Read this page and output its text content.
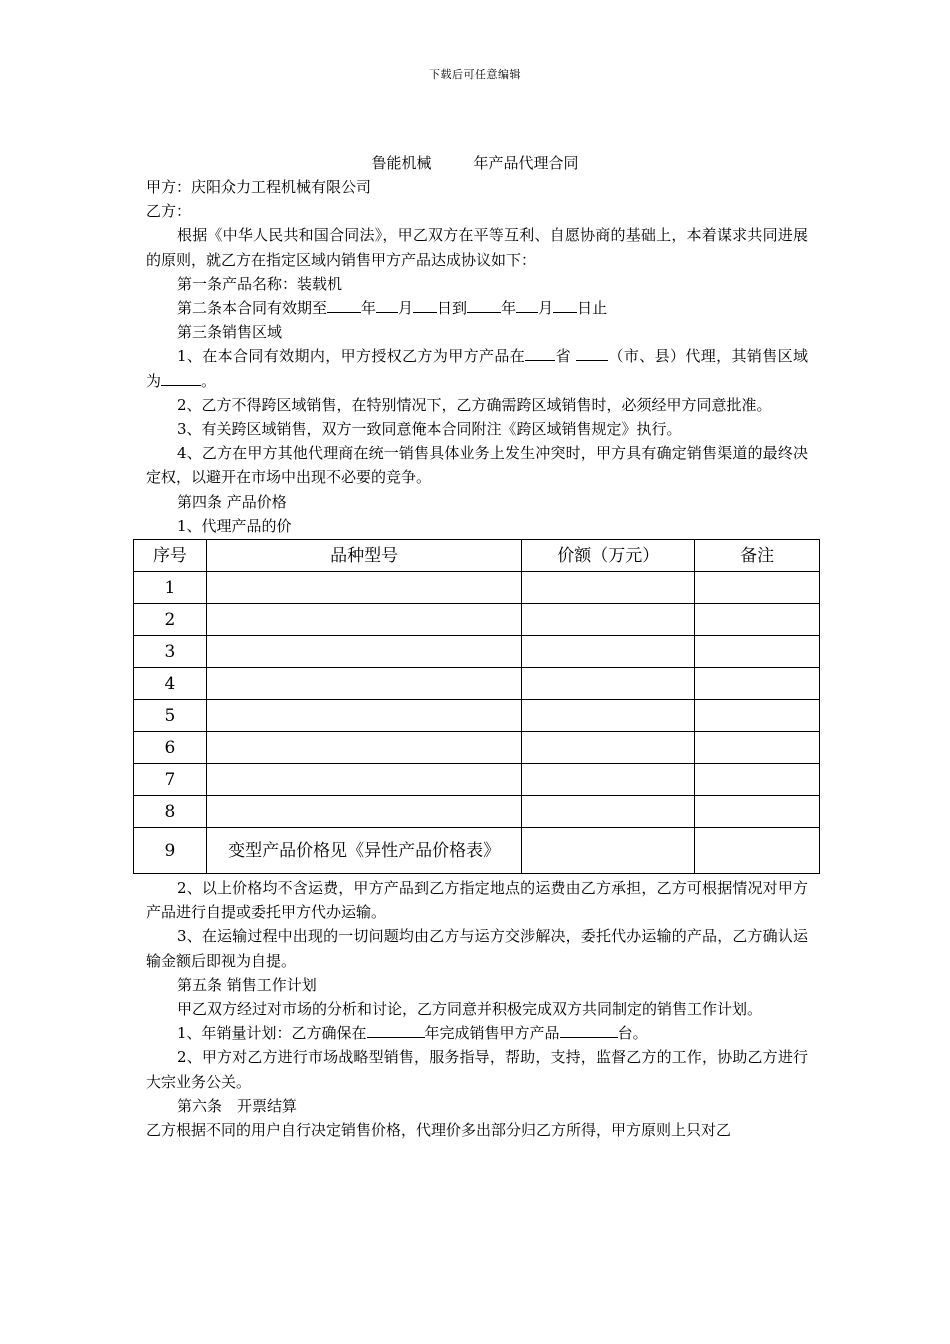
下载后可任意编辑
鲁能机械	年产品代理合同

甲方：庆阳众力工程机械有限公司

乙方：

根据《中华人民共和国合同法》，甲乙双方在平等互利、自愿协商的基础上，本着谋求共同进展的原则，就乙方在指定区域内销售甲方产品达成协议如下：

第一条产品名称：装载机

第二条本合同有效期至 年 月 日到 年 月 日止

第三条销售区域

1、在本合同有效期内，甲方授权乙方为甲方产品在 省 （市、县）代理，其销售区域为	。

2、乙方不得跨区域销售，在特别情况下，乙方确需跨区域销售时，必须经甲方同意批准。

3、有关跨区域销售，双方一致同意俺本合同附注《跨区域销售规定》执行。

4、乙方在甲方其他代理商在统一销售具体业务上发生冲突时，甲方具有确定销售渠道的最终决定权，以避开在市场中出现不必要的竞争。

第四条 产品价格

1、代理产品的价

序号	品种型号	价额（万元）	备注
1			
2			
3			
4			
5			
6			
7			
8			
9	变型产品价格见《异性产品价格表》		

2、以上价格均不含运费，甲方产品到乙方指定地点的运费由乙方承担，乙方可根据情况对甲方产品进行自提或委托甲方代办运输。

3、在运输过程中出现的一切问题均由乙方与运方交涉解决，委托代办运输的产品，乙方确认运输金额后即视为自提。

第五条 销售工作计划

甲乙双方经过对市场的分析和讨论，乙方同意并积极完成双方共同制定的销售工作计划。

1、年销量计划：乙方确保在	年完成销售甲方产品	台。

2、甲方对乙方进行市场战略型销售，服务指导，帮助，支持，监督乙方的工作，协助乙方进行大宗业务公关。

第六条　开票结算

乙方根据不同的用户自行决定销售价格，代理价多出部分归乙方所得，甲方原则上只对乙
